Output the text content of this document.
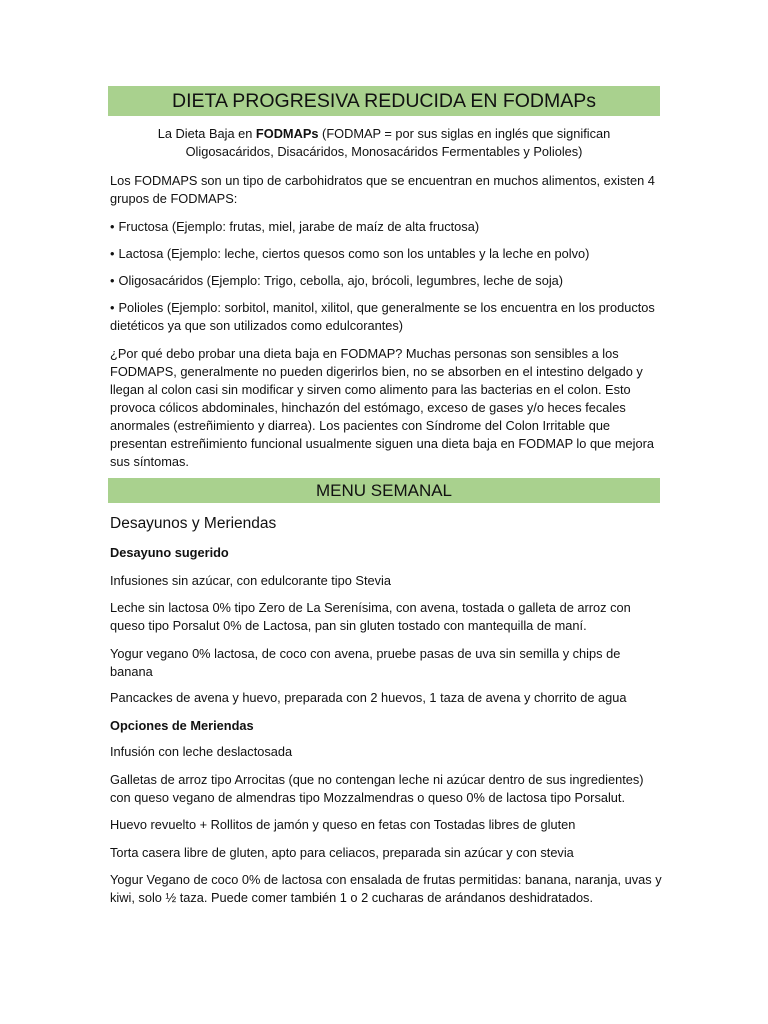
DIETA PROGRESIVA REDUCIDA EN FODMAPs

La Dieta Baja en FODMAPs (FODMAP = por sus siglas en inglés que significan
Oligosacáridos, Disacáridos, Monosacáridos Fermentables y Polioles)

Los FODMAPS son un tipo de carbohidratos que se encuentran en muchos alimentos, existen 4 grupos de FODMAPS:

• Fructosa (Ejemplo: frutas, miel, jarabe de maíz de alta fructosa)

• Lactosa (Ejemplo: leche, ciertos quesos como son los untables y la leche en polvo)

• Oligosacáridos (Ejemplo: Trigo, cebolla, ajo, brócoli, legumbres, leche de soja)

• Polioles (Ejemplo: sorbitol, manitol, xilitol, que generalmente se los encuentra en los productos dietéticos ya que son utilizados como edulcorantes)

¿Por qué debo probar una dieta baja en FODMAP? Muchas personas son sensibles a los FODMAPS, generalmente no pueden digerirlos bien, no se absorben en el intestino delgado y llegan al colon casi sin modificar y sirven como alimento para las bacterias en el colon. Esto provoca cólicos abdominales, hinchazón del estómago, exceso de gases y/o heces fecales anormales (estreñimiento y diarrea). Los pacientes con Síndrome del Colon Irritable que presentan estreñimiento funcional usualmente siguen una dieta baja en FODMAP lo que mejora sus síntomas.

MENU SEMANAL

Desayunos y Meriendas

Desayuno sugerido

Infusiones sin azúcar, con edulcorante tipo Stevia

Leche sin lactosa 0% tipo Zero de La Serenísima, con avena, tostada o galleta de arroz con queso tipo Porsalut 0% de Lactosa, pan sin gluten tostado con mantequilla de maní.

Yogur vegano 0% lactosa, de coco con avena, pruebe pasas de uva sin semilla y chips de banana

Pancackes de avena y huevo, preparada con 2 huevos, 1 taza de avena y chorrito de agua

Opciones de Meriendas

Infusión con leche deslactosada

Galletas de arroz tipo Arrocitas (que no contengan leche ni azúcar dentro de sus ingredientes) con queso vegano de almendras tipo Mozzalmendras o queso 0% de lactosa tipo Porsalut.

Huevo revuelto + Rollitos de jamón y queso en fetas con Tostadas libres de gluten

Torta casera libre de gluten, apto para celiacos, preparada sin azúcar y con stevia

Yogur Vegano de coco 0% de lactosa con ensalada de frutas permitidas: banana, naranja, uvas y kiwi, solo ½ taza. Puede comer también 1 o 2 cucharas de arándanos deshidratados.
